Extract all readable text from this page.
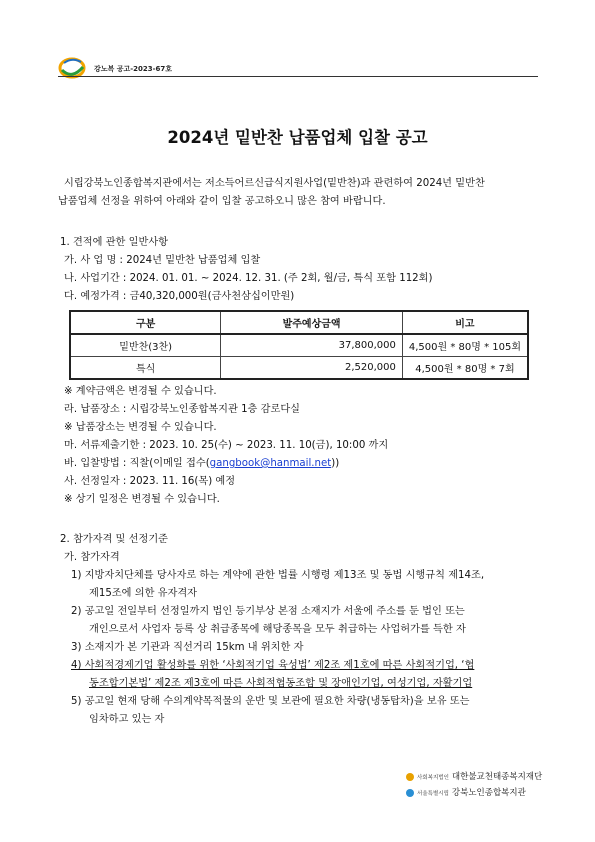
강노복 공고-2023-67호
2024년 밑반찬 납품업체 입찰 공고
시립강북노인종합복지관에서는 저소득어르신급식지원사업(밑반찬)과 관련하여 2024년 밑반찬
납품업체 선정을 위하여 아래와 같이 입찰 공고하오니 많은 참여 바랍니다.
1. 견적에 관한 일반사항
가. 사 업 명 : 2024년 밑반찬 납품업체 입찰
나. 사업기간 : 2024. 01. 01. ~ 2024. 12. 31. (주 2회, 월/금, 특식 포함 112회)
다. 예정가격 : 금40,320,000원(금사천삼십이만원)
구분	발주예상금액	비고
밑반찬(3찬)	37,800,000	4,500원 * 80명 * 105회
특식	2,520,000	4,500원 * 80명 * 7회
※ 계약금액은 변경될 수 있습니다.
라. 납품장소 : 시립강북노인종합복지관 1층 감로다실
※ 납품장소는 변경될 수 있습니다.
마. 서류제출기한 : 2023. 10. 25(수) ~ 2023. 11. 10(금), 10:00 까지
바. 입찰방법 : 직찰(이메일 접수(gangbook@hanmail.net))
사. 선정일자 : 2023. 11. 16(목) 예정
※ 상기 일정은 변경될 수 있습니다.
2. 참가자격 및 선정기준
가. 참가자격
1) 지방자치단체를 당사자로 하는 계약에 관한 법률 시행령 제13조 및 동법 시행규칙 제14조,
제15조에 의한 유자격자
2) 공고일 전일부터 선정일까지 법인 등기부상 본점 소재지가 서울에 주소를 둔 법인 또는
개인으로서 사업자 등록 상 취급종목에 해당종목을 모두 취급하는 사업허가를 득한 자
3) 소재지가 본 기관과 직선거리 15km 내 위치한 자
4) 사회적경제기업 활성화를 위한 ‘사회적기업 육성법’ 제2조 제1호에 따른 사회적기업, ‘협
동조합기본법’ 제2조 제3호에 따른 사회적협동조합 및 장애인기업, 여성기업, 자활기업
5) 공고일 현재 당해 수의계약목적물의 운반 및 보관에 필요한 차량(냉동탑차)을 보유 또는
임차하고 있는 자
사회복지법인 대한불교천태종복지재단
서울특별시립 강북노인종합복지관
